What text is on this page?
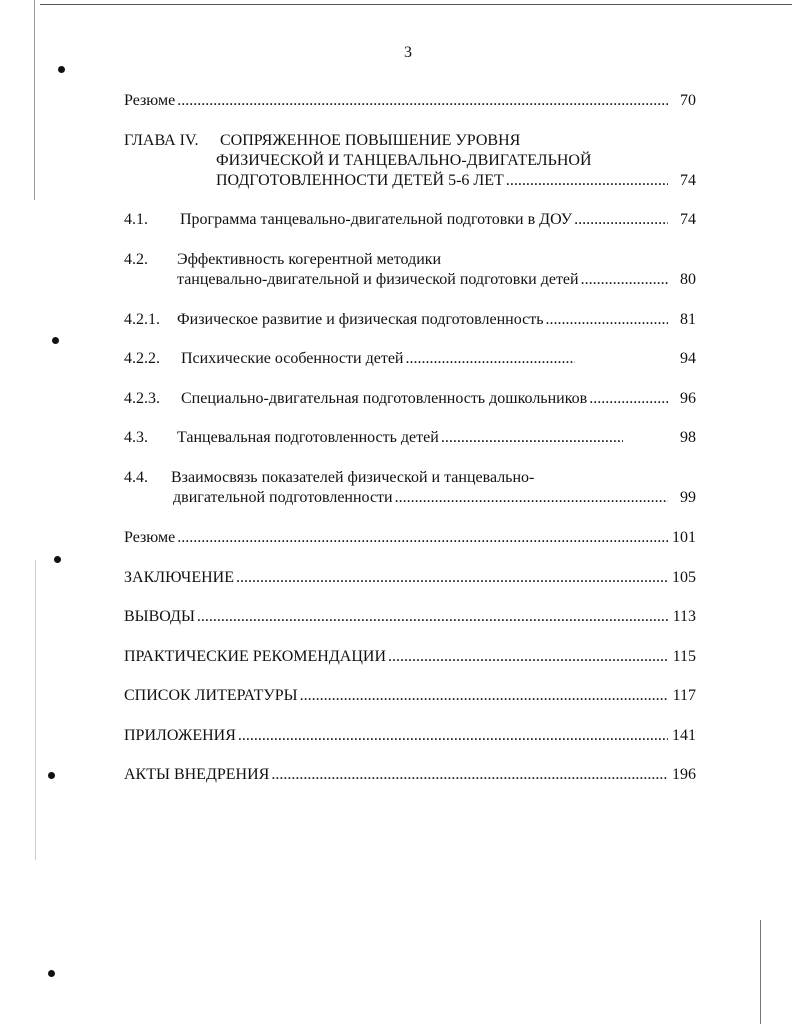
3
Резюме .....	70
ГЛАВА IV.	СОПРЯЖЕННОЕ ПОВЫШЕНИЕ УРОВНЯ
ФИЗИЧЕСКОЙ И ТАНЦЕВАЛЬНО-ДВИГАТЕЛЬНОЙ
ПОДГОТОВЛЕННОСТИ ДЕТЕЙ 5-6 ЛЕТ .....	74
4.1.	Программа танцевально-двигательной подготовки в ДОУ .....	74
4.2.	Эффективность когерентной методики
танцевально-двигательной и физической подготовки детей .....	80
4.2.1.	Физическое развитие и физическая подготовленность .....	81
4.2.2.	Психические особенности детей .....	94
4.2.3.	Специально-двигательная подготовленность дошкольников .....	96
4.3.	Танцевальная подготовленность детей .....	98
4.4.	Взаимосвязь показателей физической и танцевально-
двигательной подготовленности .....	99
Резюме .....	101
ЗАКЛЮЧЕНИЕ .....	105
ВЫВОДЫ .....	113
ПРАКТИЧЕСКИЕ РЕКОМЕНДАЦИИ .....	115
СПИСОК ЛИТЕРАТУРЫ .....	117
ПРИЛОЖЕНИЯ .....	141
АКТЫ ВНЕДРЕНИЯ .....	196
